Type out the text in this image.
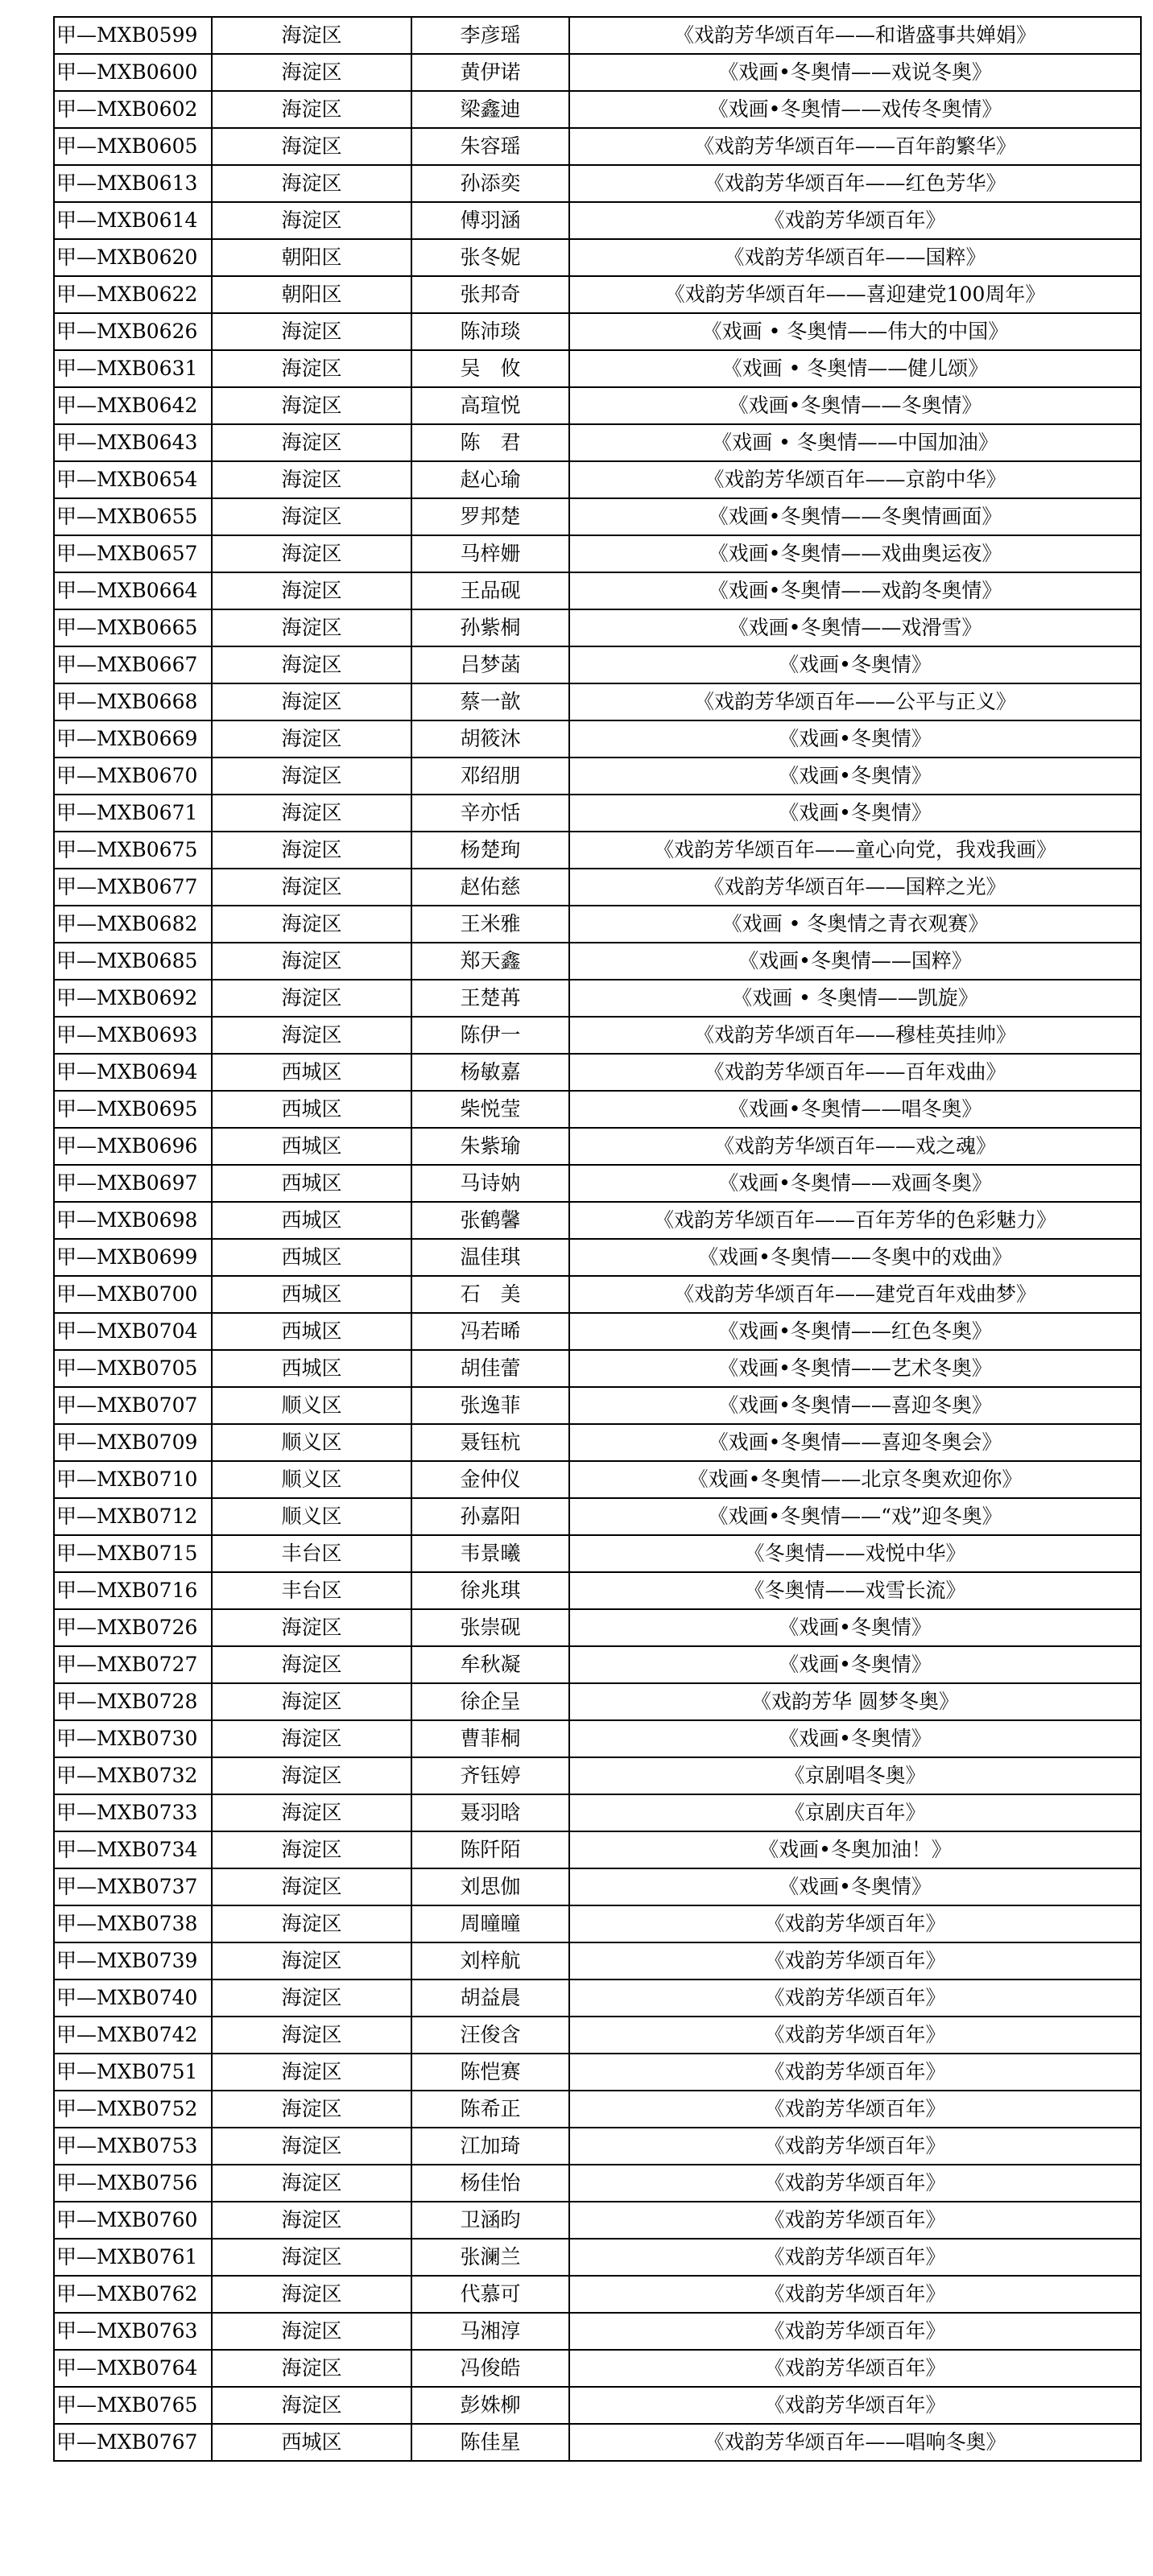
甲—MXB0599	海淀区	李彦瑶	《戏韵芳华颂百年——和谐盛事共婵娟》
甲—MXB0600	海淀区	黄伊诺	《戏画•冬奥情——戏说冬奥》
甲—MXB0602	海淀区	梁鑫迪	《戏画•冬奥情——戏传冬奥情》
甲—MXB0605	海淀区	朱容瑶	《戏韵芳华颂百年——百年韵繁华》
甲—MXB0613	海淀区	孙添奕	《戏韵芳华颂百年——红色芳华》
甲—MXB0614	海淀区	傅羽涵	《戏韵芳华颂百年》
甲—MXB0620	朝阳区	张冬妮	《戏韵芳华颂百年——国粹》
甲—MXB0622	朝阳区	张邦奇	《戏韵芳华颂百年——喜迎建党100周年》
甲—MXB0626	海淀区	陈沛琰	《戏画 • 冬奥情——伟大的中国》
甲—MXB0631	海淀区	吴　攸	《戏画 • 冬奥情——健儿颂》
甲—MXB0642	海淀区	高瑄悦	《戏画•冬奥情——冬奥情》
甲—MXB0643	海淀区	陈　君	《戏画 • 冬奥情——中国加油》
甲—MXB0654	海淀区	赵心瑜	《戏韵芳华颂百年——京韵中华》
甲—MXB0655	海淀区	罗邦楚	《戏画•冬奥情——冬奥情画面》
甲—MXB0657	海淀区	马梓姗	《戏画•冬奥情——戏曲奥运夜》
甲—MXB0664	海淀区	王品砚	《戏画•冬奥情——戏韵冬奥情》
甲—MXB0665	海淀区	孙紫桐	《戏画•冬奥情——戏滑雪》
甲—MXB0667	海淀区	吕梦菡	《戏画•冬奥情》
甲—MXB0668	海淀区	蔡一歆	《戏韵芳华颂百年——公平与正义》
甲—MXB0669	海淀区	胡筱沐	《戏画•冬奥情》
甲—MXB0670	海淀区	邓绍朋	《戏画•冬奥情》
甲—MXB0671	海淀区	辛亦恬	《戏画•冬奥情》
甲—MXB0675	海淀区	杨楚珣	《戏韵芳华颂百年——童心向党，我戏我画》
甲—MXB0677	海淀区	赵佑慈	《戏韵芳华颂百年——国粹之光》
甲—MXB0682	海淀区	王米雅	《戏画 • 冬奥情之青衣观赛》
甲—MXB0685	海淀区	郑天鑫	《戏画•冬奥情——国粹》
甲—MXB0692	海淀区	王楚苒	《戏画 • 冬奥情——凯旋》
甲—MXB0693	海淀区	陈伊一	《戏韵芳华颂百年——穆桂英挂帅》
甲—MXB0694	西城区	杨敏嘉	《戏韵芳华颂百年——百年戏曲》
甲—MXB0695	西城区	柴悦莹	《戏画•冬奥情——唱冬奥》
甲—MXB0696	西城区	朱紫瑜	《戏韵芳华颂百年——戏之魂》
甲—MXB0697	西城区	马诗妠	《戏画•冬奥情——戏画冬奥》
甲—MXB0698	西城区	张鹤馨	《戏韵芳华颂百年——百年芳华的色彩魅力》
甲—MXB0699	西城区	温佳琪	《戏画•冬奥情——冬奥中的戏曲》
甲—MXB0700	西城区	石　美	《戏韵芳华颂百年——建党百年戏曲梦》
甲—MXB0704	西城区	冯若晞	《戏画•冬奥情——红色冬奥》
甲—MXB0705	西城区	胡佳蕾	《戏画•冬奥情——艺术冬奥》
甲—MXB0707	顺义区	张逸菲	《戏画•冬奥情——喜迎冬奥》
甲—MXB0709	顺义区	聂钰杭	《戏画•冬奥情——喜迎冬奥会》
甲—MXB0710	顺义区	金仲仪	《戏画•冬奥情——北京冬奥欢迎你》
甲—MXB0712	顺义区	孙嘉阳	《戏画•冬奥情——“戏”迎冬奥》
甲—MXB0715	丰台区	韦景曦	《冬奥情——戏悦中华》
甲—MXB0716	丰台区	徐兆琪	《冬奥情——戏雪长流》
甲—MXB0726	海淀区	张崇砚	《戏画•冬奥情》
甲—MXB0727	海淀区	牟秋凝	《戏画•冬奥情》
甲—MXB0728	海淀区	徐企呈	《戏韵芳华 圆梦冬奥》
甲—MXB0730	海淀区	曹菲桐	《戏画•冬奥情》
甲—MXB0732	海淀区	齐钰婷	《京剧唱冬奥》
甲—MXB0733	海淀区	聂羽晗	《京剧庆百年》
甲—MXB0734	海淀区	陈阡陌	《戏画•冬奥加油！》
甲—MXB0737	海淀区	刘思伽	《戏画•冬奥情》
甲—MXB0738	海淀区	周曈曈	《戏韵芳华颂百年》
甲—MXB0739	海淀区	刘梓航	《戏韵芳华颂百年》
甲—MXB0740	海淀区	胡益晨	《戏韵芳华颂百年》
甲—MXB0742	海淀区	汪俊含	《戏韵芳华颂百年》
甲—MXB0751	海淀区	陈恺赛	《戏韵芳华颂百年》
甲—MXB0752	海淀区	陈希正	《戏韵芳华颂百年》
甲—MXB0753	海淀区	江加琦	《戏韵芳华颂百年》
甲—MXB0756	海淀区	杨佳怡	《戏韵芳华颂百年》
甲—MXB0760	海淀区	卫涵昀	《戏韵芳华颂百年》
甲—MXB0761	海淀区	张澜兰	《戏韵芳华颂百年》
甲—MXB0762	海淀区	代慕可	《戏韵芳华颂百年》
甲—MXB0763	海淀区	马湘淳	《戏韵芳华颂百年》
甲—MXB0764	海淀区	冯俊皓	《戏韵芳华颂百年》
甲—MXB0765	海淀区	彭姝柳	《戏韵芳华颂百年》
甲—MXB0767	西城区	陈佳星	《戏韵芳华颂百年——唱响冬奥》
